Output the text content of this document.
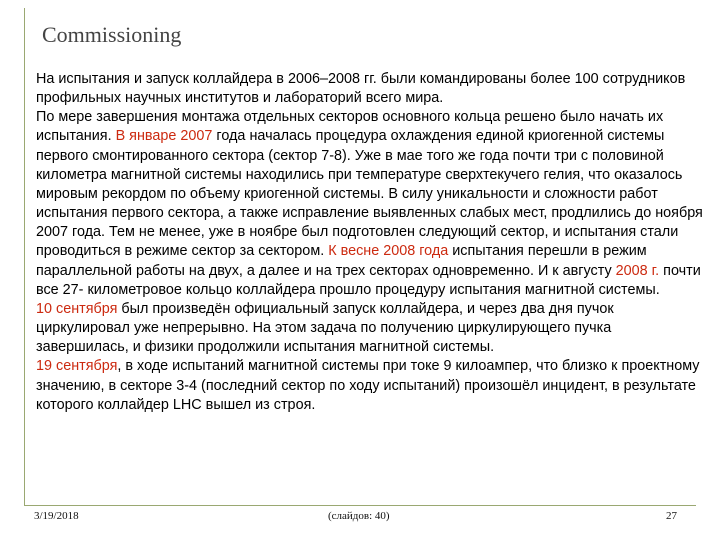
Commissioning

На испытания и запуск коллайдера в 2006–2008 гг. были командированы более 100 сотрудников профильных научных институтов и лабораторий всего мира.

По мере завершения монтажа отдельных секторов основного кольца решено было начать их испытания. В январе 2007 года началась процедура охлаждения единой криогенной системы первого смонтированного сектора (сектор 7-8). Уже в мае того же года почти три с половиной километра магнитной системы находились при температуре сверхтекучего гелия, что оказалось мировым рекордом по объему криогенной системы. В силу уникальности и сложности работ испытания первого сектора, а также исправление выявленных слабых мест, продлились до ноября 2007 года. Тем не менее, уже в ноябре был подготовлен следующий сектор, и испытания стали проводиться в режиме сектор за сектором. К весне 2008 года испытания перешли в режим параллельной работы на двух, а далее и на трех секторах одновременно. И к августу 2008 г. почти все 27- километровое кольцо коллайдера прошло процедуру испытания магнитной системы.

10 сентября был произведён официальный запуск коллайдера, и через два дня пучок циркулировал уже непрерывно. На этом задача по получению циркулирующего пучка завершилась, и физики продолжили испытания магнитной системы.

19 сентября, в ходе испытаний магнитной системы при токе 9 килоампер, что близко к проектному значению, в секторе 3-4 (последний сектор по ходу испытаний) произошёл инцидент, в результате которого коллайдер LHC вышел из строя.

3/19/2018	(слайдов: 40)	27
